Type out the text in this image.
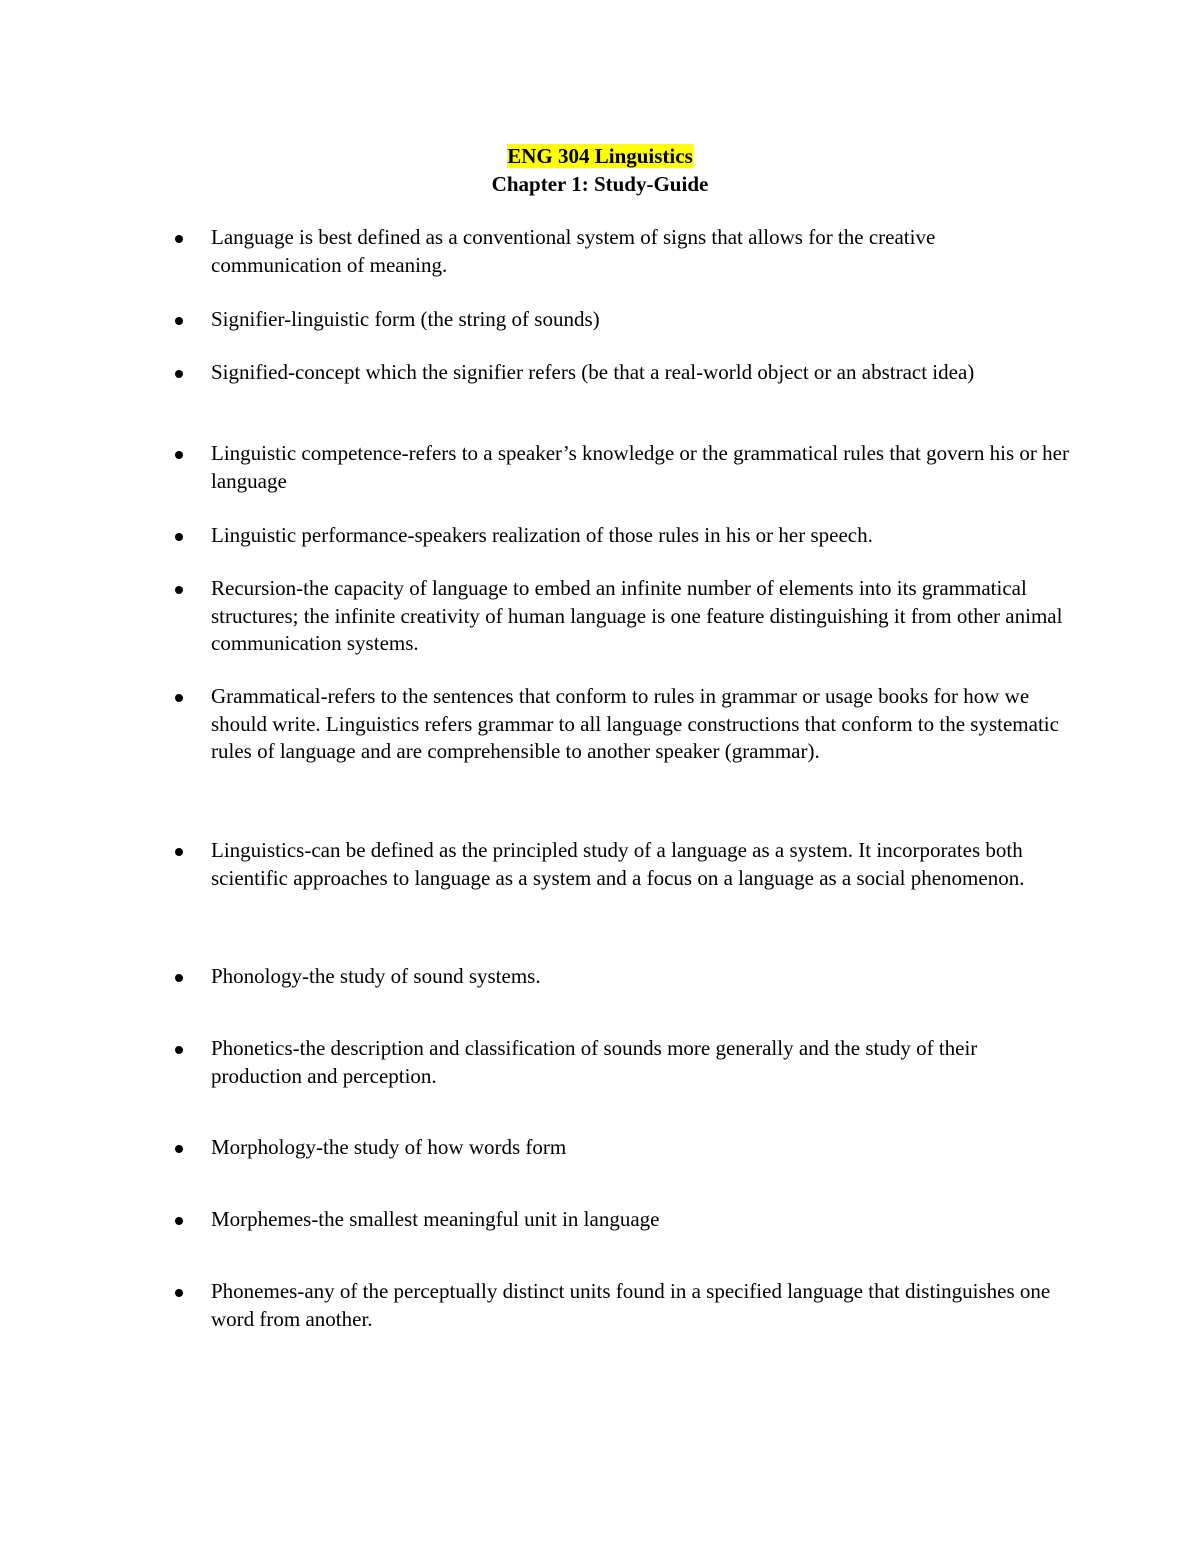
ENG 304 Linguistics
Chapter 1: Study-Guide
Language is best defined as a conventional system of signs that allows for the creative communication of meaning.
Signifier-linguistic form (the string of sounds)
Signified-concept which the signifier refers (be that a real-world object or an abstract idea)
Linguistic competence-refers to a speaker’s knowledge or the grammatical rules that govern his or her language
Linguistic performance-speakers realization of those rules in his or her speech.
Recursion-the capacity of language to embed an infinite number of elements into its grammatical structures; the infinite creativity of human language is one feature distinguishing it from other animal communication systems.
Grammatical-refers to the sentences that conform to rules in grammar or usage books for how we should write. Linguistics refers grammar to all language constructions that conform to the systematic rules of language and are comprehensible to another speaker (grammar).
Linguistics-can be defined as the principled study of a language as a system. It incorporates both scientific approaches to language as a system and a focus on a language as a social phenomenon.
Phonology-the study of sound systems.
Phonetics-the description and classification of sounds more generally and the study of their production and perception.
Morphology-the study of how words form
Morphemes-the smallest meaningful unit in language
Phonemes-any of the perceptually distinct units found in a specified language that distinguishes one word from another.
